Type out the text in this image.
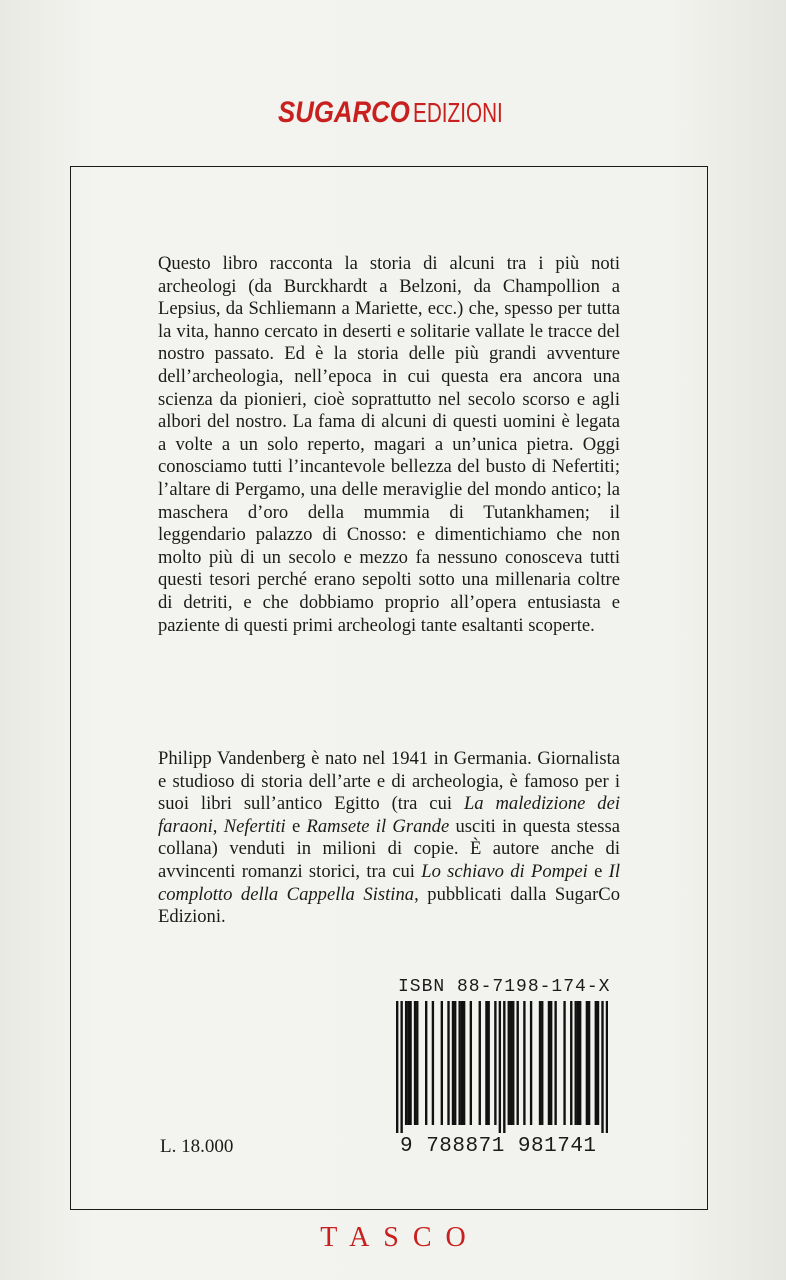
SUGARCO EDIZIONI

Questo libro racconta la storia di alcuni tra i più noti archeologi (da Burckhardt a Belzoni, da Champollion a Lepsius, da Schliemann a Mariette, ecc.) che, spesso per tutta la vita, hanno cercato in deserti e solitarie vallate le tracce del nostro passato. Ed è la storia delle più grandi avventure dell’archeologia, nell’epoca in cui questa era ancora una scienza da pionieri, cioè soprattutto nel secolo scorso e agli albori del nostro. La fama di alcuni di questi uomini è legata a volte a un solo reperto, magari a un’unica pietra. Oggi conosciamo tutti l’incantevole bellezza del busto di Nefertiti; l’altare di Pergamo, una delle meraviglie del mondo antico; la maschera d’oro della mummia di Tutankhamen; il leggendario palazzo di Cnosso: e dimentichiamo che non molto più di un secolo e mezzo fa nessuno conosceva tutti questi tesori perché erano sepolti sotto una millenaria coltre di detriti, e che dobbiamo proprio all’opera entusiasta e paziente di questi primi archeologi tante esaltanti scoperte.

Philipp Vandenberg è nato nel 1941 in Germania. Giornalista e studioso di storia dell’arte e di archeologia, è famoso per i suoi libri sull’antico Egitto (tra cui La maledizione dei faraoni, Nefertiti e Ramsete il Grande usciti in questa stessa collana) venduti in milioni di copie. È autore anche di avvincenti romanzi storici, tra cui Lo schiavo di Pompei e Il complotto della Cappella Sistina, pubblicati dalla SugarCo Edizioni.

ISBN 88-7198-174-X
9 788871 981741
L. 18.000
TASCO
